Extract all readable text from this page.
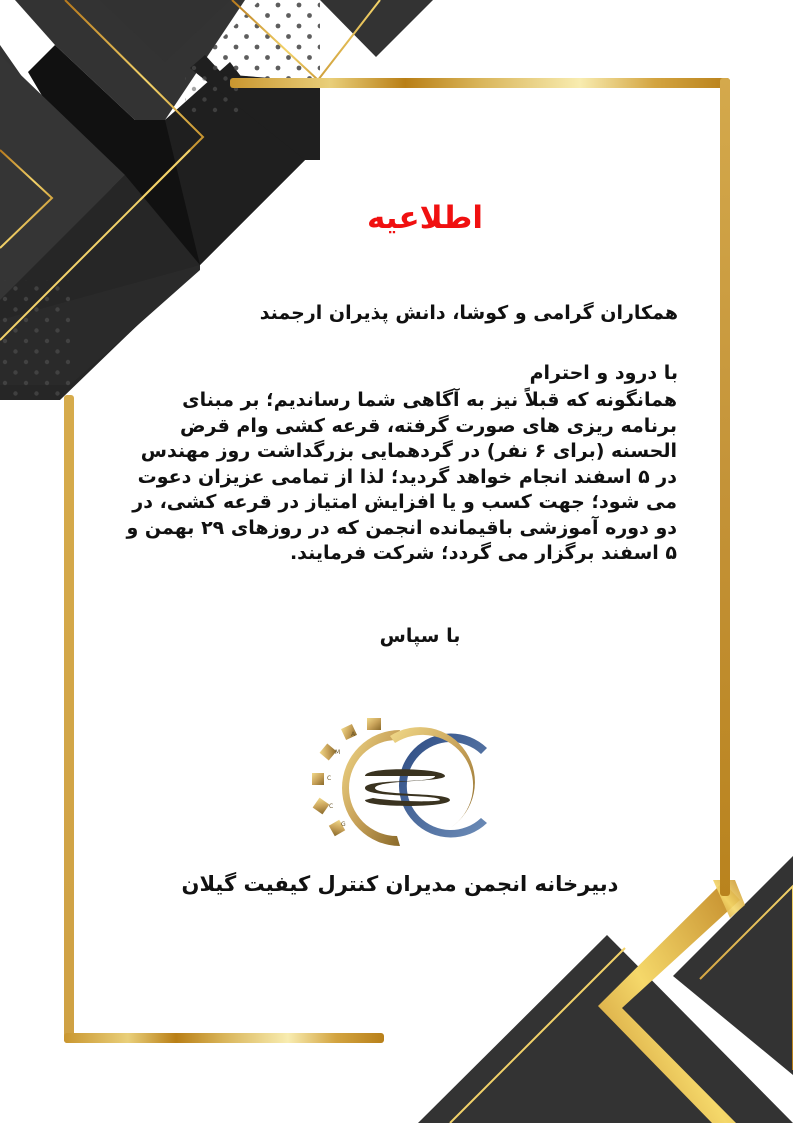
اطلاعیه
همکاران گرامی و کوشا، دانش پذیران ارجمند
با درود و احترام
همانگونه که قبلاً نیز به آگاهی شما رساندیم؛ بر مبنای
برنامه ریزی های صورت گرفته، قرعه کشی وام قرض
الحسنه (برای ۶ نفر) در گردهمایی بزرگداشت روز مهندس
در ۵ اسفند انجام خواهد گردید؛ لذا از تمامی عزیزان دعوت
می شود؛ جهت کسب و یا افزایش امتیاز در قرعه کشی، در
دو دوره آموزشی باقیمانده انجمن که در روزهای ۲۹ بهمن و
۵ اسفند برگزار می گردد؛ شرکت فرمایند.
با سپاس
A
M
C
C
G
دبیرخانه انجمن مدیران کنترل کیفیت گیلان
